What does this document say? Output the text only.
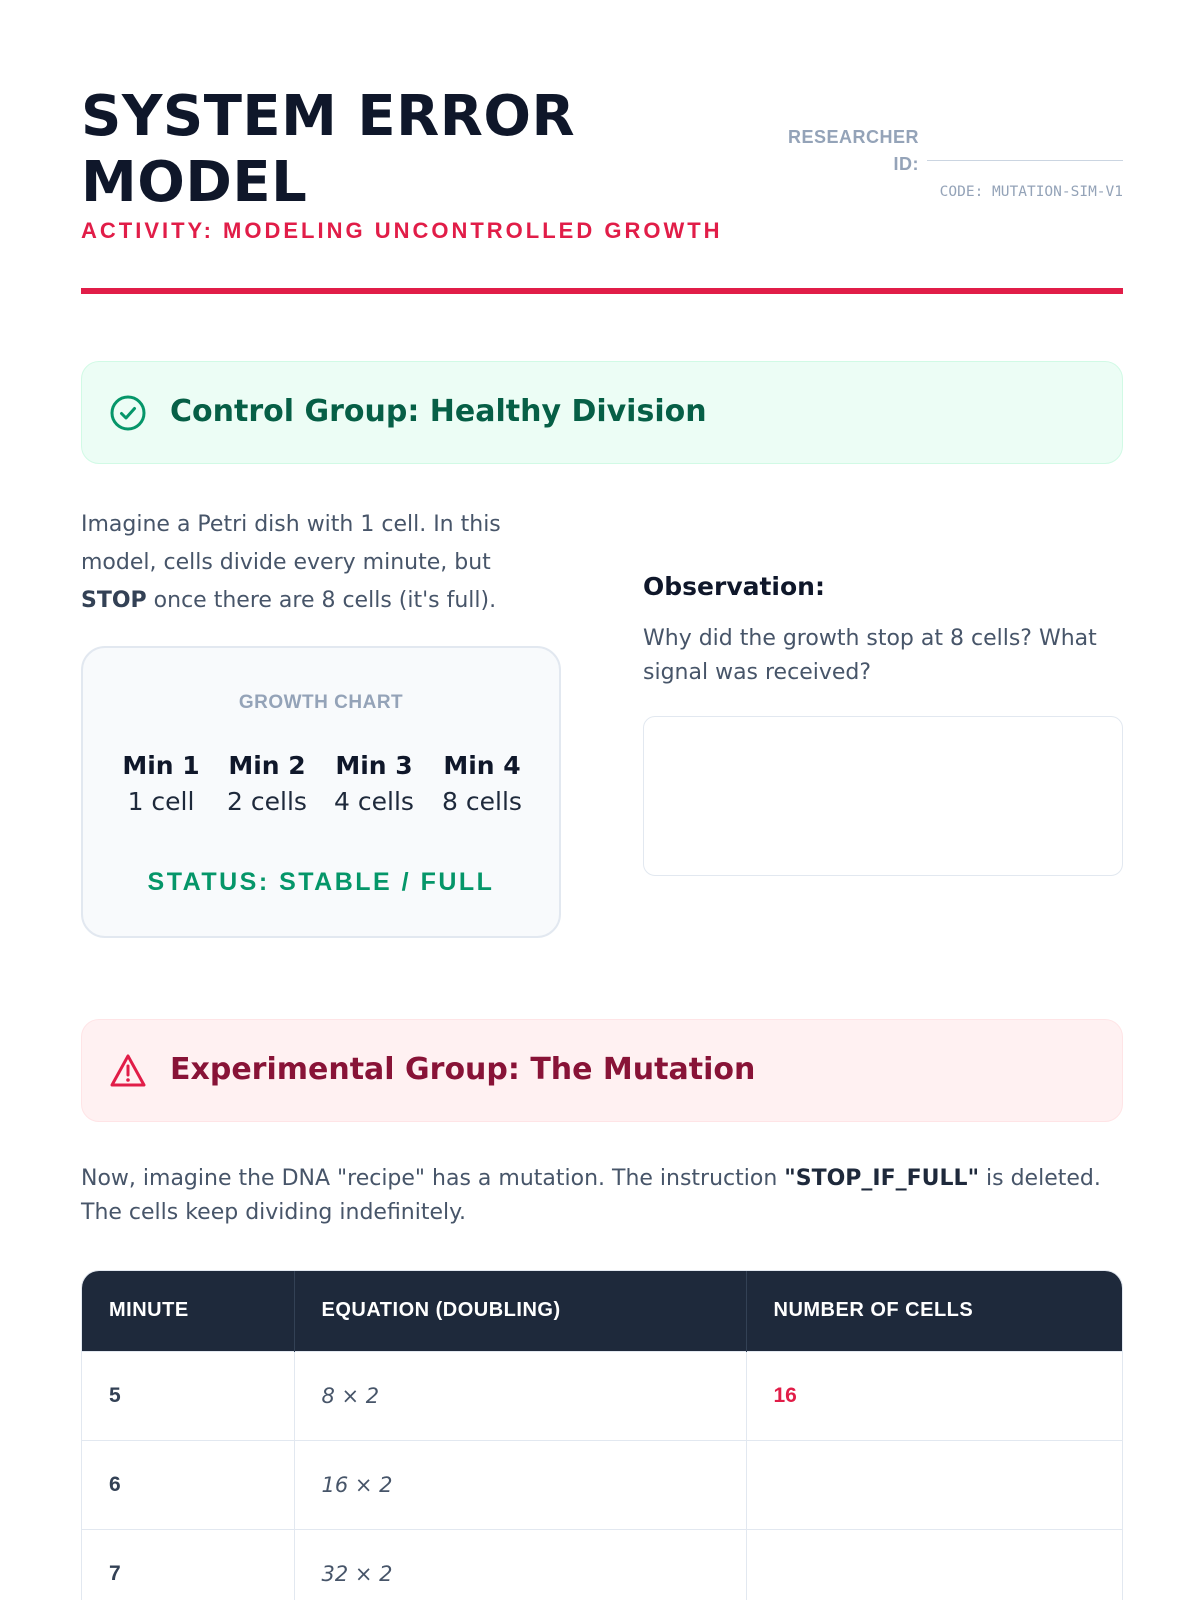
SYSTEM ERROR MODEL
ACTIVITY: MODELING UNCONTROLLED GROWTH
RESEARCHER ID:
CODE: MUTATION-SIM-V1
Control Group: Healthy Division

Imagine a Petri dish with 1 cell. In this model, cells divide every minute, but STOP once there are 8 cells (it's full).

GROWTH CHART
Min 1
1 cell
Min 2
2 cells
Min 3
4 cells
Min 4
8 cells
STATUS: STABLE / FULL
Observation:
Why did the growth stop at 8 cells? What signal was received?
Experimental Group: The Mutation

Now, imagine the DNA "recipe" has a mutation. The instruction "STOP_IF_FULL" is deleted. The cells keep dividing indefinitely.

MINUTE	EQUATION (DOUBLING)	NUMBER OF CELLS
5	8 × 2	16
6	16 × 2	
7	32 × 2	
